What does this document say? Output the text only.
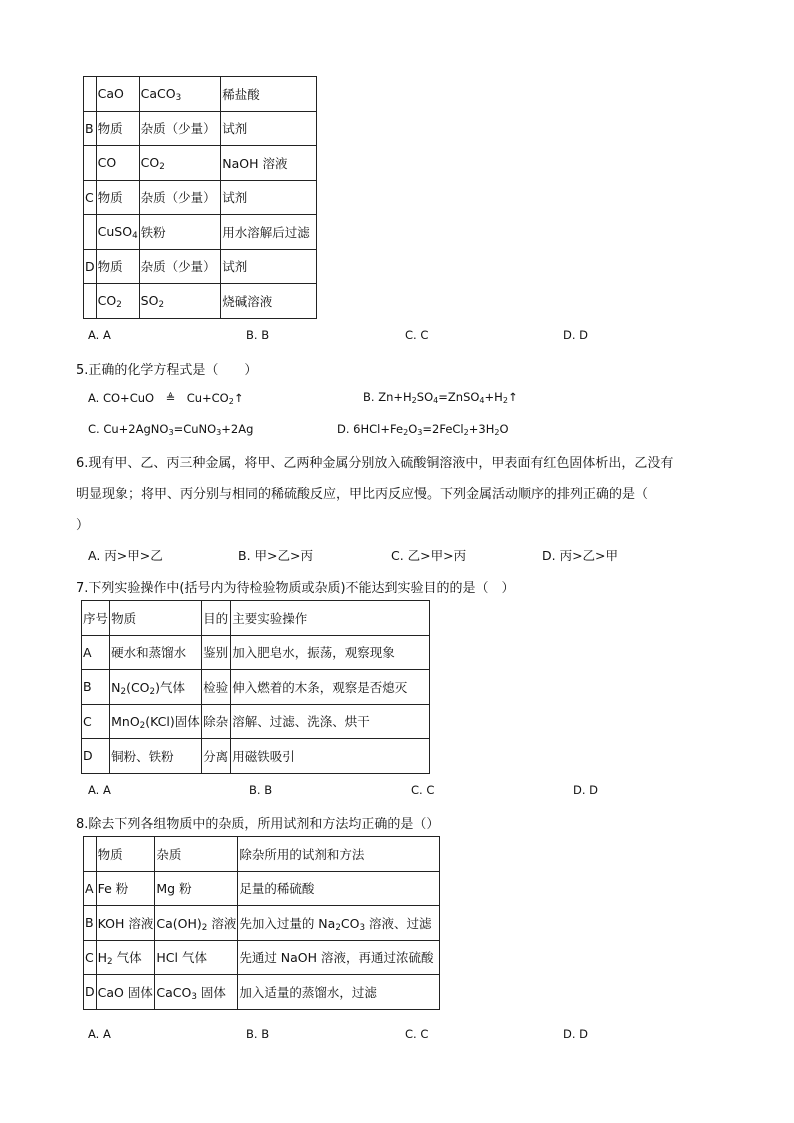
	CaO	CaCO$_3$	稀盐酸
B	物质	杂质（少量）	试剂
	CO	$CO_2$	NaOH 溶液
C	物质	杂质（少量）	试剂
	CuSO$_4$	铁粉	用水溶解后过滤
D	物质	杂质（少量）	试剂
	$CO_2$	$SO_2$	烧碱溶液
A. A	B. B	C. C	D. D
5.正确的化学方程式是（　　）
A. CO+CuO　≜　$Cu+CO_2↑$	B. $Zn+H_2SO_4=ZnSO_4+H_2↑$
C. Cu+2AgNO$_3$=CuNO$_3$+2Ag	D. $6HCl+Fe_2O_3=2FeCl_2+3H_2O$
6.现有甲、乙、丙三种金属，将甲、乙两种金属分别放入硫酸铜溶液中，甲表面有红色固体析出，乙没有
明显现象；将甲、丙分别与相同的稀硫酸反应，甲比丙反应慢。下列金属活动顺序的排列正确的是（
）
A. 丙>甲>乙	B. 甲>乙>丙	C. 乙>甲>丙	D. 丙>乙>甲
7.下列实验操作中(括号内为待检验物质或杂质)不能达到实验目的的是（　）
序号	物质	目的	主要实验操作
A	硬水和蒸馏水	鉴别	加入肥皂水，振荡，观察现象
B	$N_2(CO_2)$气体	检验	伸入燃着的木条，观察是否熄灭
C	MnO$_2$(KCl)固体	除杂	溶解、过滤、洗涤、烘干
D	铜粉、铁粉	分离	用磁铁吸引
A. A	B. B	C. C	D. D
8.除去下列各组物质中的杂质，所用试剂和方法均正确的是（）
	物质	杂质	除杂所用的试剂和方法
A	Fe 粉	Mg 粉	足量的稀硫酸
B	KOH 溶液	$Ca(OH)_2$ 溶液	先加入过量的 $Na_2CO_3$ 溶液、过滤
C	$H_2$ 气体	HCl 气体	先通过 NaOH 溶液，再通过浓硫酸
D	CaO 固体	CaCO$_3$ 固体	加入适量的蒸馏水，过滤
A. A	B. B	C. C	D. D
